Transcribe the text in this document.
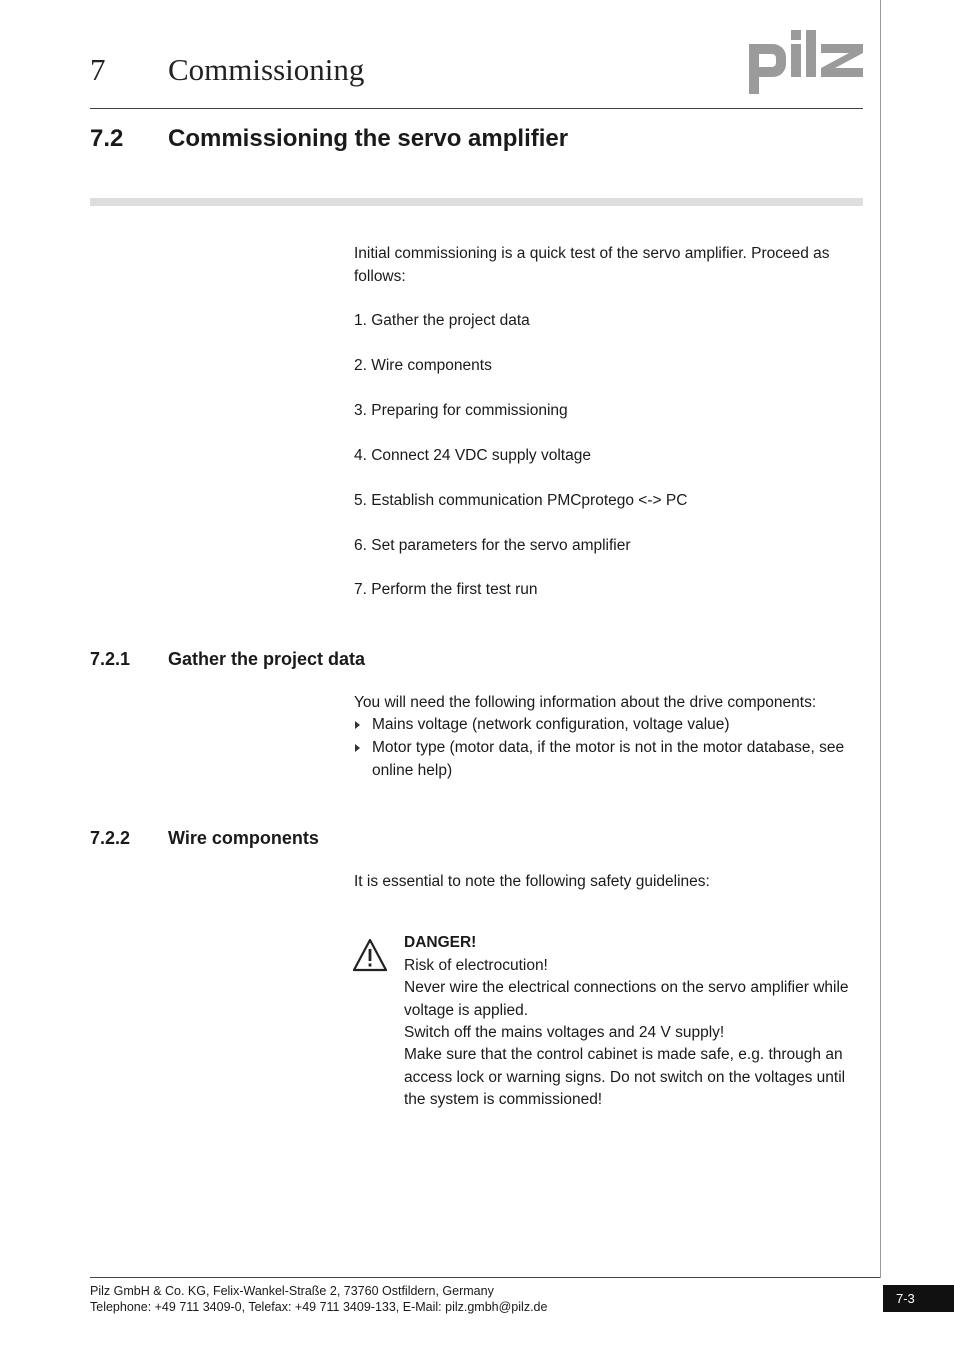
7 Commissioning
7.2 Commissioning the servo amplifier
Initial commissioning is a quick test of the servo amplifier. Proceed as follows:
1. Gather the project data
2. Wire components
3. Preparing for commissioning
4. Connect 24 VDC supply voltage
5. Establish communication PMCprotego <-> PC
6. Set parameters for the servo amplifier
7. Perform the first test run
7.2.1 Gather the project data
You will need the following information about the drive components:
Mains voltage (network configuration, voltage value)
Motor type (motor data, if the motor is not in the motor database, see online help)
7.2.2 Wire components
It is essential to note the following safety guidelines:
DANGER!
Risk of electrocution!
Never wire the electrical connections on the servo amplifier while voltage is applied.
Switch off the mains voltages and 24 V supply!
Make sure that the control cabinet is made safe, e.g. through an access lock or warning signs. Do not switch on the voltages until the system is commissioned!
Pilz GmbH & Co. KG, Felix-Wankel-Straße 2, 73760 Ostfildern, Germany
Telephone: +49 711 3409-0, Telefax: +49 711 3409-133, E-Mail: pilz.gmbh@pilz.de
7-3
